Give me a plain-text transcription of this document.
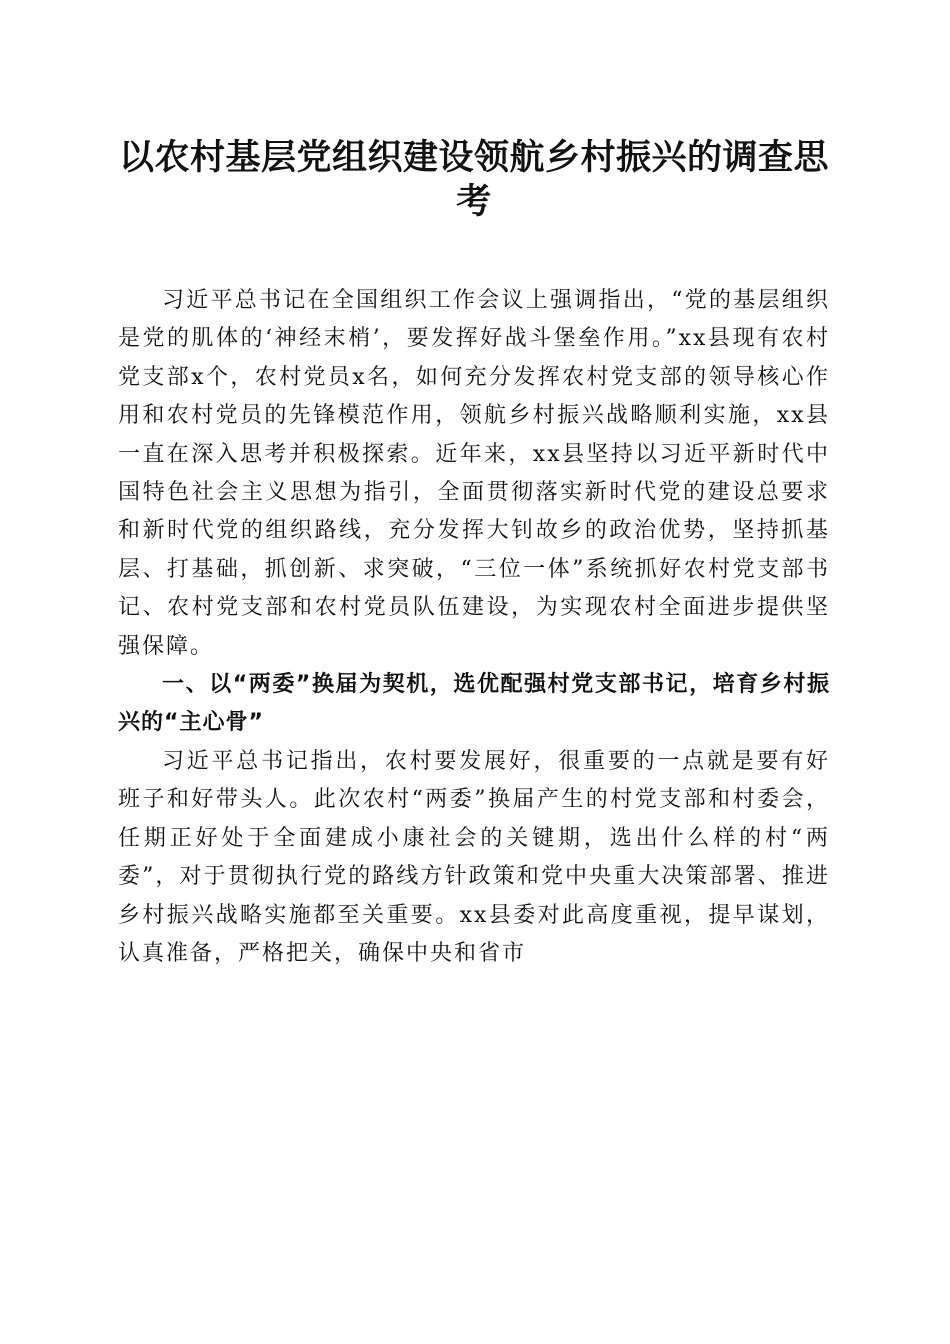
以农村基层党组织建设领航乡村振兴的调查思考

习近平总书记在全国组织工作会议上强调指出，“党的基层组织是党的肌体的‘神经末梢’，要发挥好战斗堡垒作用。”xx县现有农村党支部x个，农村党员x名，如何充分发挥农村党支部的领导核心作用和农村党员的先锋模范作用，领航乡村振兴战略顺利实施，xx县一直在深入思考并积极探索。近年来，xx县坚持以习近平新时代中国特色社会主义思想为指引，全面贯彻落实新时代党的建设总要求和新时代党的组织路线，充分发挥大钊故乡的政治优势，坚持抓基层、打基础，抓创新、求突破，“三位一体”系统抓好农村党支部书记、农村党支部和农村党员队伍建设，为实现农村全面进步提供坚强保障。

一、以“两委”换届为契机，选优配强村党支部书记，培育乡村振兴的“主心骨”

习近平总书记指出，农村要发展好，很重要的一点就是要有好班子和好带头人。此次农村“两委”换届产生的村党支部和村委会，任期正好处于全面建成小康社会的关键期，选出什么样的村“两委”，对于贯彻执行党的路线方针政策和党中央重大决策部署、推进乡村振兴战略实施都至关重要。xx县委对此高度重视，提早谋划，认真准备，严格把关，确保中央和省市
